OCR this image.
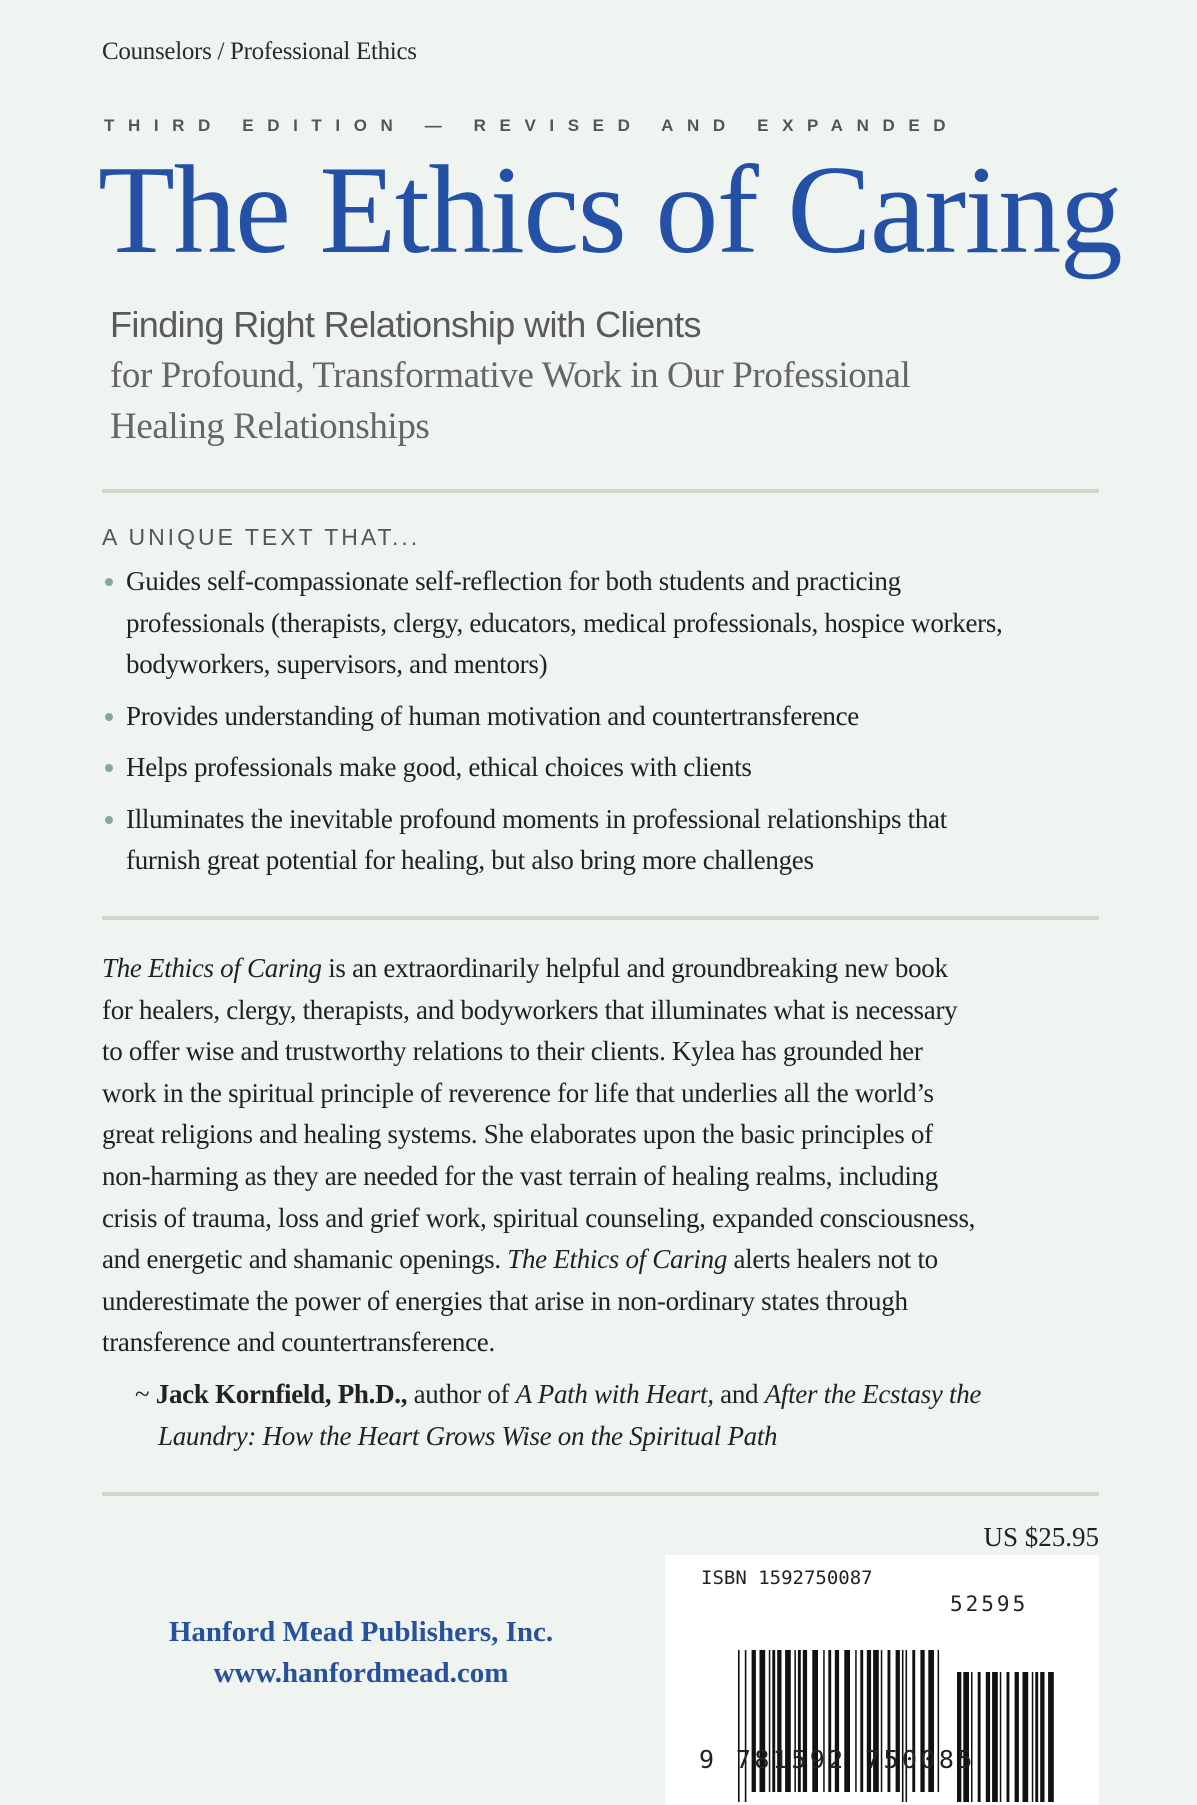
Counselors / Professional Ethics
THIRD EDITION — REVISED AND EXPANDED
The Ethics of Caring
Finding Right Relationship with Clients
for Profound, Transformative Work in Our Professional
Healing Relationships
A UNIQUE TEXT THAT...
Guides self-compassionate self-reflection for both students and practicing
professionals (therapists, clergy, educators, medical professionals, hospice workers,
bodyworkers, supervisors, and mentors)
Provides understanding of human motivation and countertransference
Helps professionals make good, ethical choices with clients
Illuminates the inevitable profound moments in professional relationships that
furnish great potential for healing, but also bring more challenges
The Ethics of Caring is an extraordinarily helpful and groundbreaking new book
for healers, clergy, therapists, and bodyworkers that illuminates what is necessary
to offer wise and trustworthy relations to their clients. Kylea has grounded her
work in the spiritual principle of reverence for life that underlies all the world’s
great religions and healing systems. She elaborates upon the basic principles of
non-harming as they are needed for the vast terrain of healing realms, including
crisis of trauma, loss and grief work, spiritual counseling, expanded consciousness,
and energetic and shamanic openings. The Ethics of Caring alerts healers not to
underestimate the power of energies that arise in non-ordinary states through
transference and countertransference.
~ Jack Kornfield, Ph.D., author of A Path with Heart, and After the Ecstasy the
Laundry: How the Heart Grows Wise on the Spiritual Path
US $25.95
ISBN 1592750087
52595
9 781592 750085
Hanford Mead Publishers, Inc.
www.hanfordmead.com
